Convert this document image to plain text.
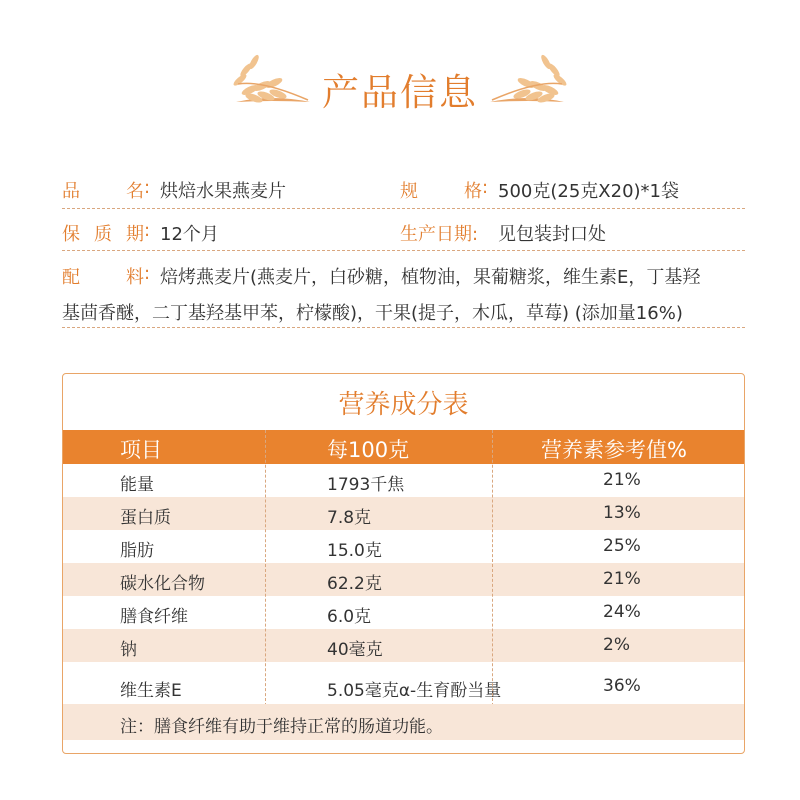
产品信息
品	名 : 烘焙水果燕麦片	规	格 : 500克(25克X20)*1袋
保 质 期 : 12个月	生产日期: 见包装封口处
配	料 : 焙烤燕麦片(燕麦片，白砂糖，植物油，果葡糖浆，维生素E，丁基羟
基茴香醚，二丁基羟基甲苯，柠檬酸)，干果(提子，木瓜，草莓) (添加量16%)
营养成分表
项目	每100克	营养素参考值%
能量	1793千焦	21%
蛋白质	7.8克	13%
脂肪	15.0克	25%
碳水化合物	62.2克	21%
膳食纤维	6.0克	24%
钠	40毫克	2%
维生素E	5.05毫克α-生育酚当量	36%
注：膳食纤维有助于维持正常的肠道功能。
